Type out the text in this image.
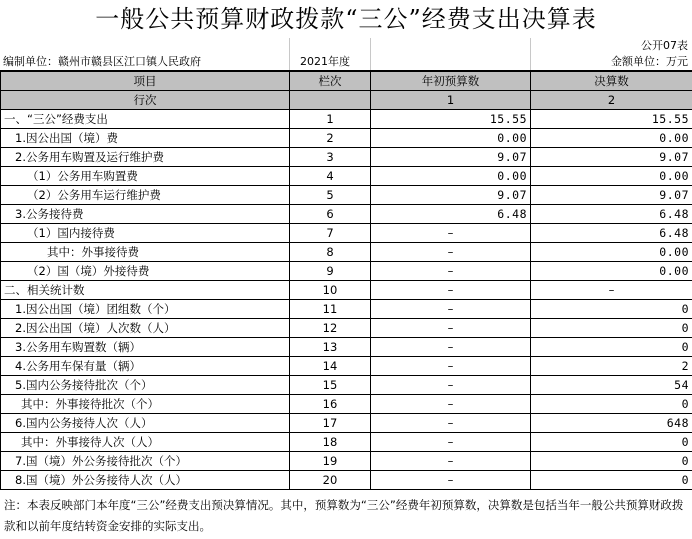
一般公共预算财政拨款“三公”经费支出决算表
公开07表
编制单位：赣州市赣县区江口镇人民政府	2021年度	金额单位：万元
项目	栏次	年初预算数	决算数
行次		1	2
一、“三公”经费支出	1	15.55	15.55
1.因公出国（境）费	2	0.00	0.00
2.公务用车购置及运行维护费	3	9.07	9.07
（1）公务用车购置费	4	0.00	0.00
（2）公务用车运行维护费	5	9.07	9.07
3.公务接待费	6	6.48	6.48
（1）国内接待费	7	–	6.48
其中：外事接待费	8	–	0.00
（2）国（境）外接待费	9	–	0.00
二、相关统计数	10	–	–
1.因公出国（境）团组数（个）	11	–	0
2.因公出国（境）人次数（人）	12	–	0
3.公务用车购置数（辆）	13	–	0
4.公务用车保有量（辆）	14	–	2
5.国内公务接待批次（个）	15	–	54
其中：外事接待批次（个）	16	–	0
6.国内公务接待人次（人）	17	–	648
其中：外事接待人次（人）	18	–	0
7.国（境）外公务接待批次（个）	19	–	0
8.国（境）外公务接待人次（人）	20	–	0
注：本表反映部门本年度“三公”经费支出预决算情况。其中，预算数为“三公”经费年初预算数，决算数是包括当年一般公共预算财政拨款和以前年度结转资金安排的实际支出。
